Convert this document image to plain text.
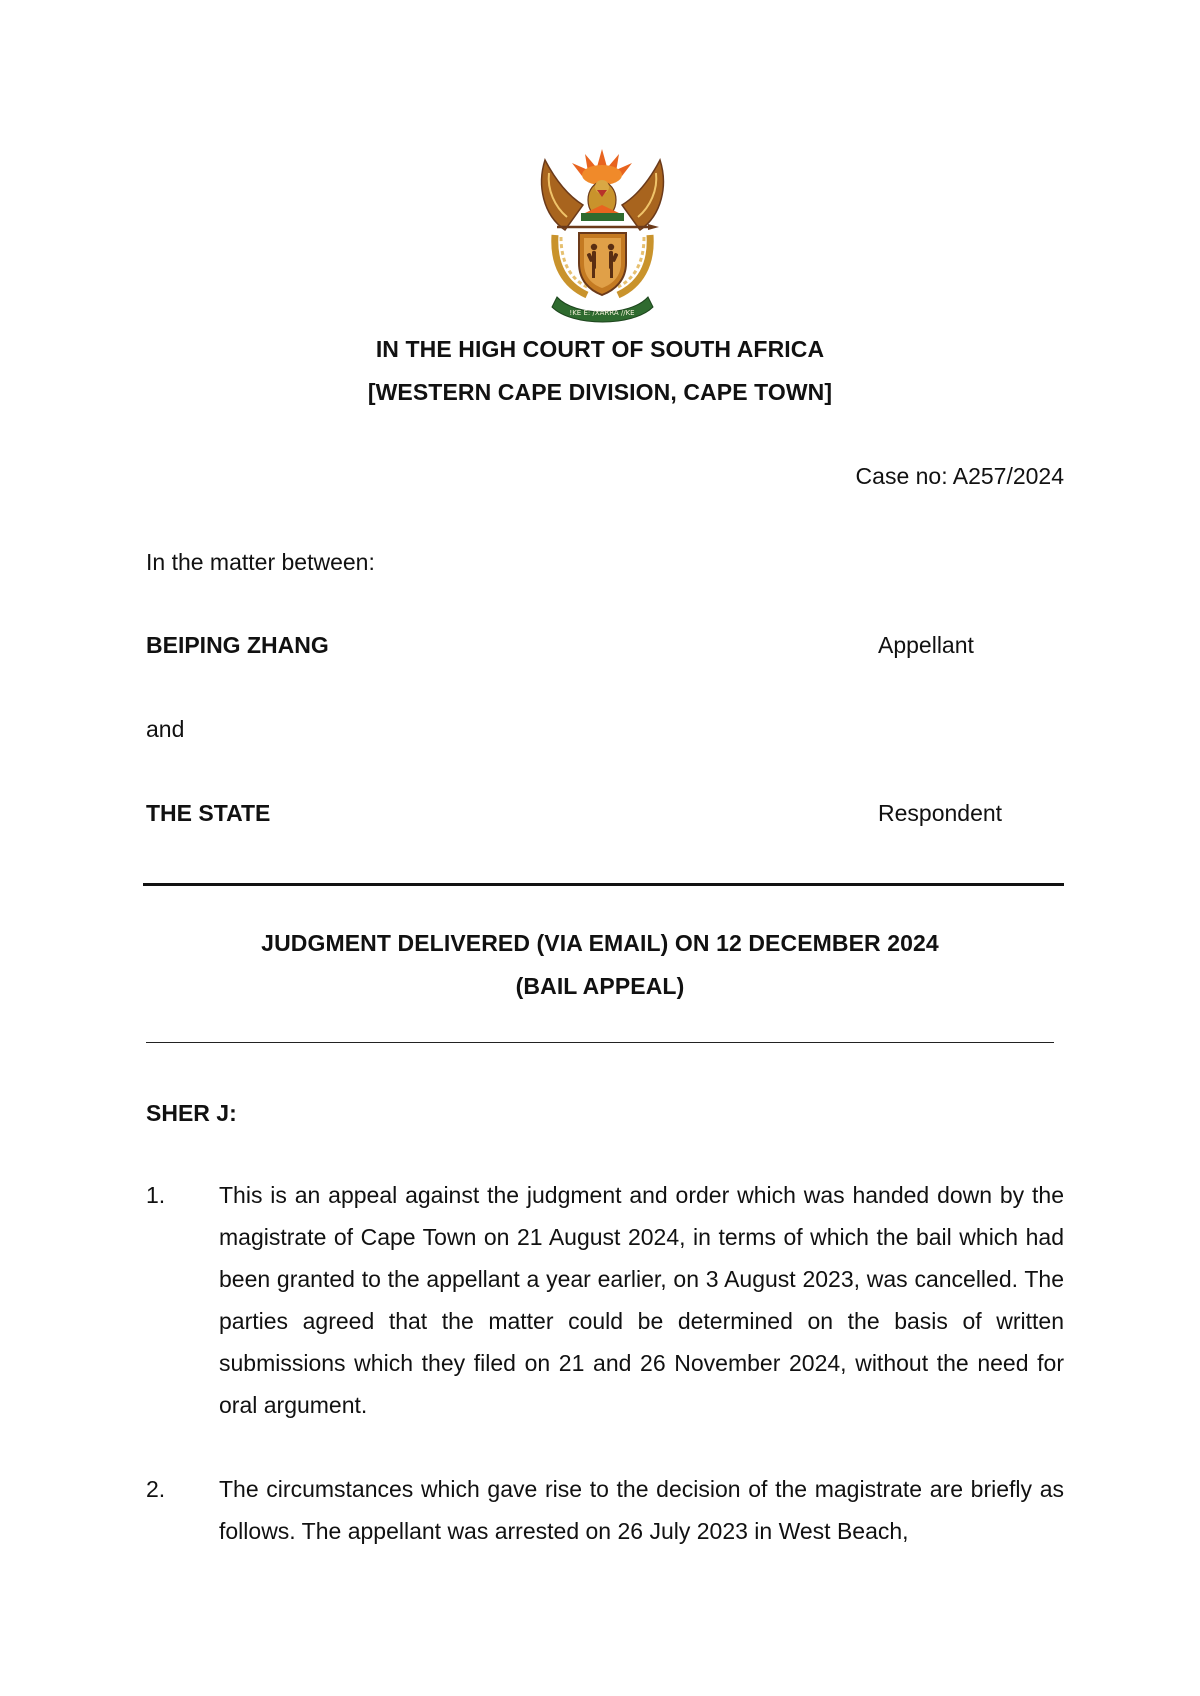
!KE E: /XARRA //KE
IN THE HIGH COURT OF SOUTH AFRICA
[WESTERN CAPE DIVISION, CAPE TOWN]
Case no: A257/2024
In the matter between:
BEIPING ZHANG	Appellant
and
THE STATE	Respondent
JUDGMENT DELIVERED (VIA EMAIL) ON 12 DECEMBER 2024
(BAIL APPEAL)
SHER J:
1. This is an appeal against the judgment and order which was handed down by the magistrate of Cape Town on 21 August 2024, in terms of which the bail which had been granted to the appellant a year earlier, on 3 August 2023, was cancelled. The parties agreed that the matter could be determined on the basis of written submissions which they filed on 21 and 26 November 2024, without the need for oral argument.
2. The circumstances which gave rise to the decision of the magistrate are briefly as follows. The appellant was arrested on 26 July 2023 in West Beach,
